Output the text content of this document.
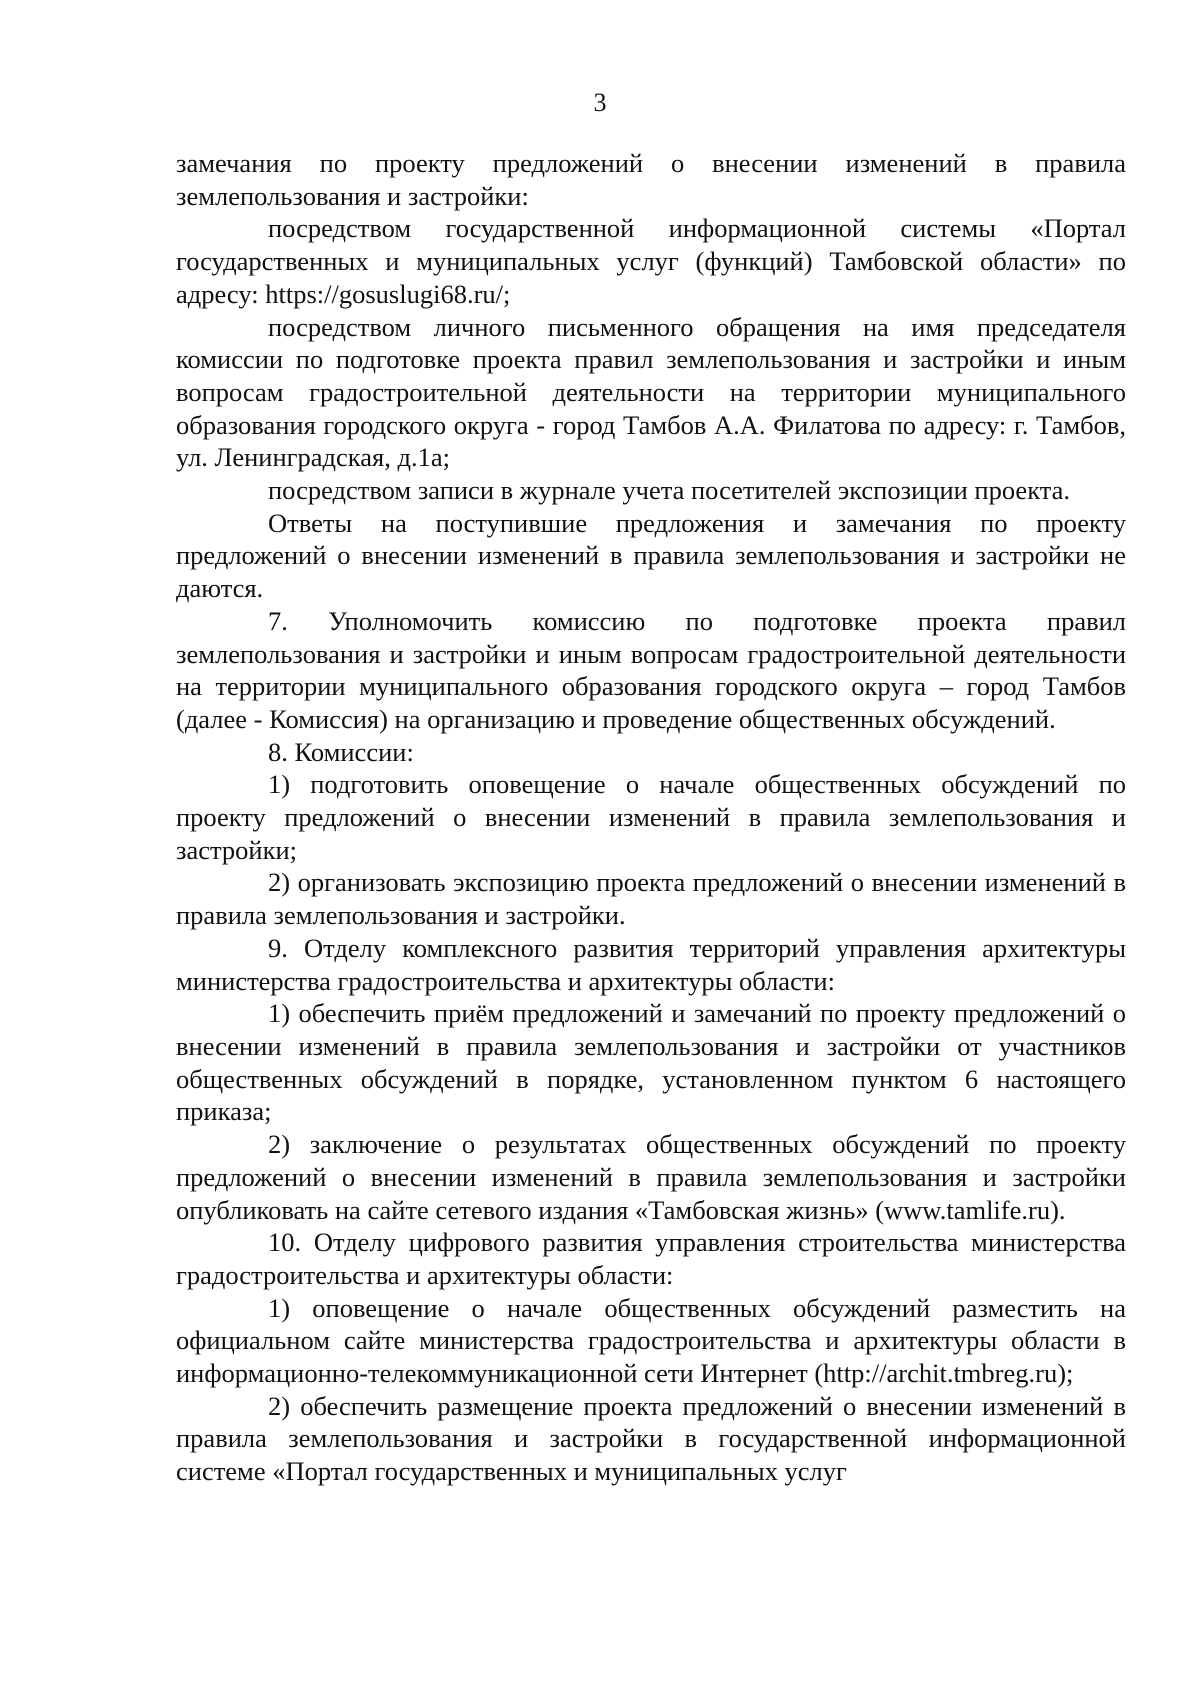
3

замечания по проекту предложений о внесении изменений в правила землепользования и застройки:

посредством государственной информационной системы «Портал государственных и муниципальных услуг (функций) Тамбовской области» по адресу: https://gosuslugi68.ru/;

посредством личного письменного обращения на имя председателя комиссии по подготовке проекта правил землепользования и застройки и иным вопросам градостроительной деятельности на территории муниципального образования городского округа - город Тамбов А.А. Филатова по адресу: г. Тамбов, ул. Ленинградская, д.1а;

посредством записи в журнале учета посетителей экспозиции проекта.

Ответы на поступившие предложения и замечания по проекту предложений о внесении изменений в правила землепользования и застройки не даются.

7. Уполномочить комиссию по подготовке проекта правил землепользования и застройки и иным вопросам градостроительной деятельности на территории муниципального образования городского округа – город Тамбов (далее - Комиссия) на организацию и проведение общественных обсуждений.

8. Комиссии:

1) подготовить оповещение о начале общественных обсуждений по проекту предложений о внесении изменений в правила землепользования и застройки;

2) организовать экспозицию проекта предложений о внесении изменений в правила землепользования и застройки.

9. Отделу комплексного развития территорий управления архитектуры министерства градостроительства и архитектуры области:

1) обеспечить приём предложений и замечаний по проекту предложений о внесении изменений в правила землепользования и застройки от участников общественных обсуждений в порядке, установленном пунктом 6 настоящего приказа;

2) заключение о результатах общественных обсуждений по проекту предложений о внесении изменений в правила землепользования и застройки опубликовать на сайте сетевого издания «Тамбовская жизнь» (www.tamlife.ru).

10. Отделу цифрового развития управления строительства министерства градостроительства и архитектуры области:

1) оповещение о начале общественных обсуждений разместить на официальном сайте министерства градостроительства и архитектуры области в информационно-телекоммуникационной сети Интернет (http://archit.tmbreg.ru);

2) обеспечить размещение проекта предложений о внесении изменений в правила землепользования и застройки в государственной информационной системе «Портал государственных и муниципальных услуг
